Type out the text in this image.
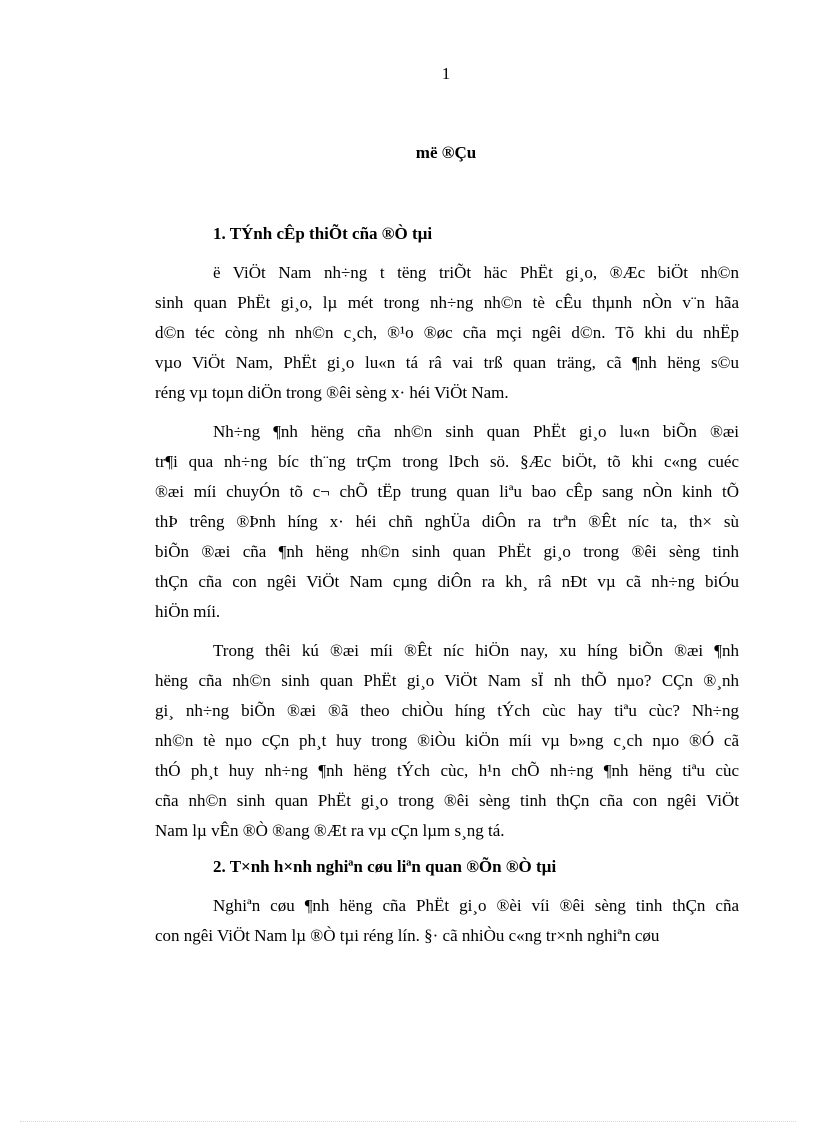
1
më ®Çu
1. TÝnh cÊp thiÕt cña ®Ò tµi
ë ViÖt Nam nh÷ng t tëng triÕt häc PhËt gi¸o, ®Æc biÖt nh©n
sinh quan PhËt gi¸o, lµ mét trong nh÷ng nh©n tè cÊu thµnh nÒn v¨n hãa
d©n téc còng nh nh©n c¸ch, ®¹o ®øc cña mçi ngêi d©n. Tõ khi du nhËp
vµo ViÖt Nam, PhËt gi¸o lu«n tá râ vai trß quan träng, cã ¶nh hëng s©u
réng vµ toµn diÖn trong ®êi sèng x· héi ViÖt Nam.
Nh÷ng ¶nh hëng cña nh©n sinh quan PhËt gi¸o lu«n biÕn ®æi
tr¶i qua nh÷ng bíc th¨ng trÇm trong lÞch sö. §Æc biÖt, tõ khi c«ng cuéc
®æi míi chuyÓn tõ c¬ chÕ tËp trung quan liªu bao cÊp sang nÒn kinh tÕ
thÞ trêng ®Þnh híng x· héi chñ nghÜa diÔn ra trªn ®Êt níc ta, th× sù
biÕn ®æi cña ¶nh hëng nh©n sinh quan PhËt gi¸o trong ®êi sèng tinh
thÇn cña con ngêi ViÖt Nam cµng diÔn ra kh¸ râ nÐt vµ cã nh÷ng biÓu
hiÖn míi.
Trong thêi kú ®æi míi ®Êt níc hiÖn nay, xu híng biÕn ®æi ¶nh
hëng cña nh©n sinh quan PhËt gi¸o ViÖt Nam sÏ nh thÕ nµo? CÇn ®¸nh
gi¸ nh÷ng biÕn ®æi ®ã theo chiÒu híng tÝch cùc hay tiªu cùc? Nh÷ng
nh©n tè nµo cÇn ph¸t huy trong ®iÒu kiÖn míi vµ b»ng c¸ch nµo ®Ó cã
thÓ ph¸t huy nh÷ng ¶nh hëng tÝch cùc, h¹n chÕ nh÷ng ¶nh hëng tiªu cùc
cña nh©n sinh quan PhËt gi¸o trong ®êi sèng tinh thÇn cña con ngêi ViÖt
Nam lµ vÊn ®Ò ®ang ®Æt ra vµ cÇn lµm s¸ng tá.
2. T×nh h×nh nghiªn cøu liªn quan ®Õn ®Ò tµi
Nghiªn cøu ¶nh hëng cña PhËt gi¸o ®èi víi ®êi sèng tinh thÇn cña
con ngêi ViÖt Nam lµ ®Ò tµi réng lín. §· cã nhiÒu c«ng tr×nh nghiªn cøu
